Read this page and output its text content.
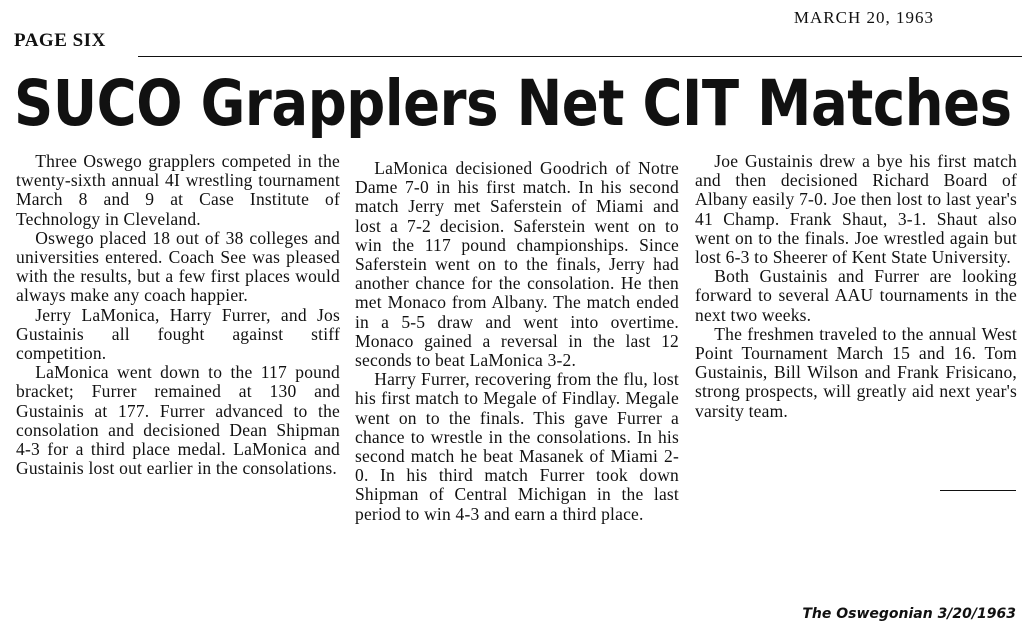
PAGE SIX
MARCH 20, 1963
SUCO Grapplers Net CIT Matches

Three Oswego grapplers competed in the twenty-sixth annual 4I wrestling tournament March 8 and 9 at Case Institute of Technology in Cleveland.

Oswego placed 18 out of 38 colleges and universities entered. Coach See was pleased with the results, but a few first places would always make any coach happier.

Jerry LaMonica, Harry Furrer, and Jos Gustainis all fought against stiff competition.

LaMonica went down to the 117 pound bracket; Furrer remained at 130 and Gustainis at 177. Furrer advanced to the consolation and decisioned Dean Shipman 4-3 for a third place medal. LaMonica and Gustainis lost out earlier in the consolations.

LaMonica decisioned Goodrich of Notre Dame 7-0 in his first match. In his second match Jerry met Saferstein of Miami and lost a 7-2 decision. Saferstein went on to win the 117 pound championships. Since Saferstein went on to the finals, Jerry had another chance for the consolation. He then met Monaco from Albany. The match ended in a 5-5 draw and went into overtime. Monaco gained a reversal in the last 12 seconds to beat LaMonica 3-2.

Harry Furrer, recovering from the flu, lost his first match to Megale of Findlay. Megale went on to the finals. This gave Furrer a chance to wrestle in the consolations. In his second match he beat Masanek of Miami 2-0. In his third match Furrer took down Shipman of Central Michigan in the last period to win 4-3 and earn a third place.

Joe Gustainis drew a bye his first match and then decisioned Richard Board of Albany easily 7-0. Joe then lost to last year's 41 Champ. Frank Shaut, 3-1. Shaut also went on to the finals. Joe wrestled again but lost 6-3 to Sheerer of Kent State University.

Both Gustainis and Furrer are looking forward to several AAU tournaments in the next two weeks.

The freshmen traveled to the annual West Point Tournament March 15 and 16. Tom Gustainis, Bill Wilson and Frank Frisicano, strong prospects, will greatly aid next year's varsity team.

The Oswegonian 3/20/1963
